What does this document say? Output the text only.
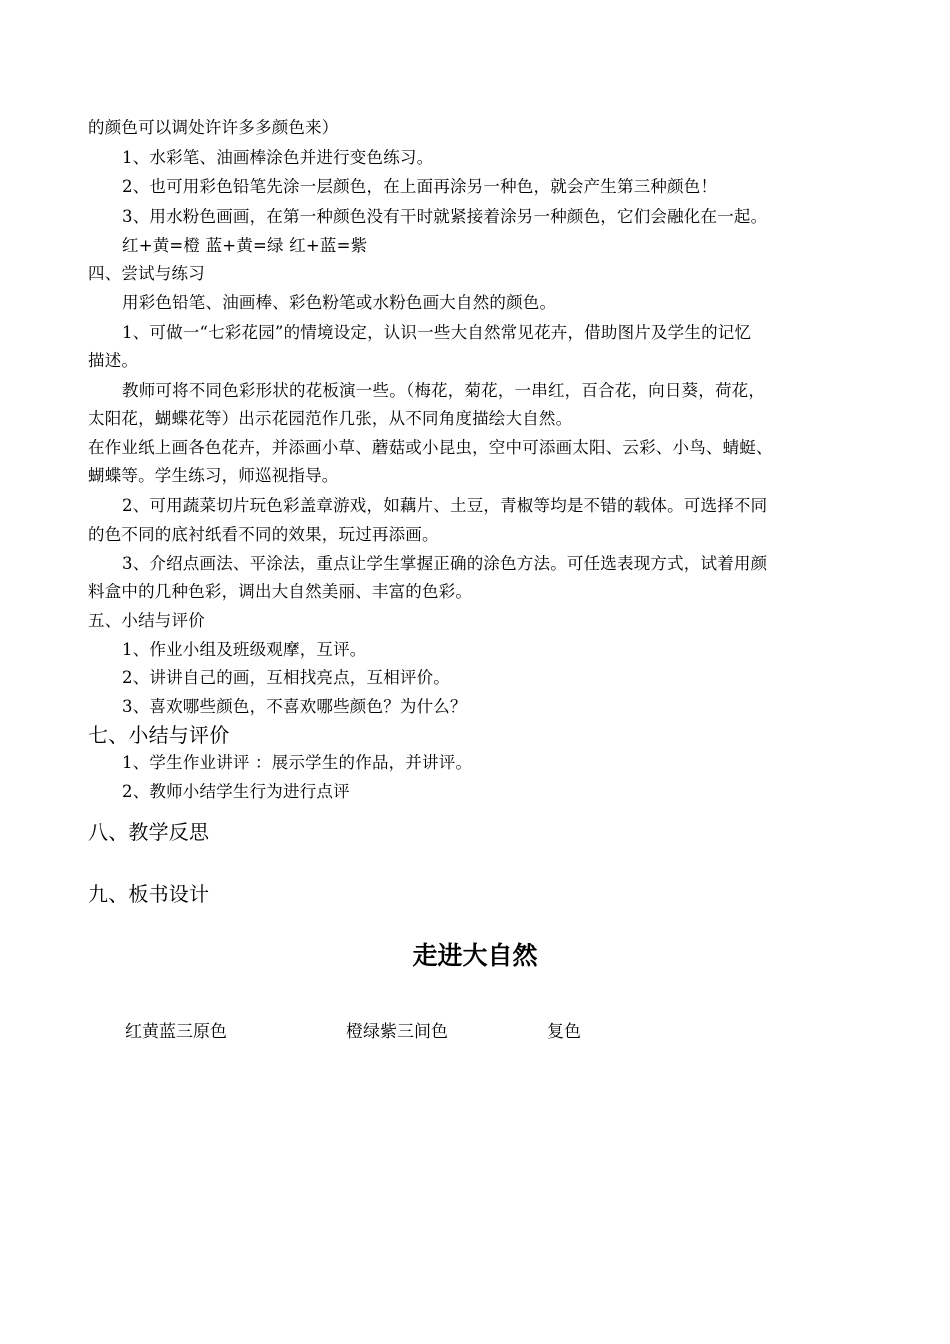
的颜色可以调处许许多多颜色来）
1、水彩笔、油画棒涂色并进行变色练习。
2、也可用彩色铅笔先涂一层颜色，在上面再涂另一种色，就会产生第三种颜色！
3、用水粉色画画，在第一种颜色没有干时就紧接着涂另一种颜色，它们会融化在一起。
红+黄=橙 蓝+黄=绿 红+蓝=紫
四、尝试与练习
用彩色铅笔、油画棒、彩色粉笔或水粉色画大自然的颜色。
1、可做一“七彩花园”的情境设定，认识一些大自然常见花卉，借助图片及学生的记忆
描述。
教师可将不同色彩形状的花板演一些。（梅花，菊花，一串红，百合花，向日葵，荷花，
太阳花，蝴蝶花等）出示花园范作几张，从不同角度描绘大自然。
在作业纸上画各色花卉，并添画小草、蘑菇或小昆虫，空中可添画太阳、云彩、小鸟、蜻蜓、
蝴蝶等。学生练习，师巡视指导。
2、可用蔬菜切片玩色彩盖章游戏，如藕片、土豆，青椒等均是不错的载体。可选择不同
的色不同的底衬纸看不同的效果，玩过再添画。
3、介绍点画法、平涂法，重点让学生掌握正确的涂色方法。可任选表现方式，试着用颜
料盒中的几种色彩，调出大自然美丽、丰富的色彩。
五、小结与评价
1、作业小组及班级观摩，互评。
2、讲讲自己的画，互相找亮点，互相评价。
3、喜欢哪些颜色，不喜欢哪些颜色？为什么？
七、小结与评价
1、学生作业讲评 ：展示学生的作品，并讲评。
2、教师小结学生行为进行点评
八、教学反思
九、板书设计
走进大自然
红黄蓝三原色	橙绿紫三间色	复色
